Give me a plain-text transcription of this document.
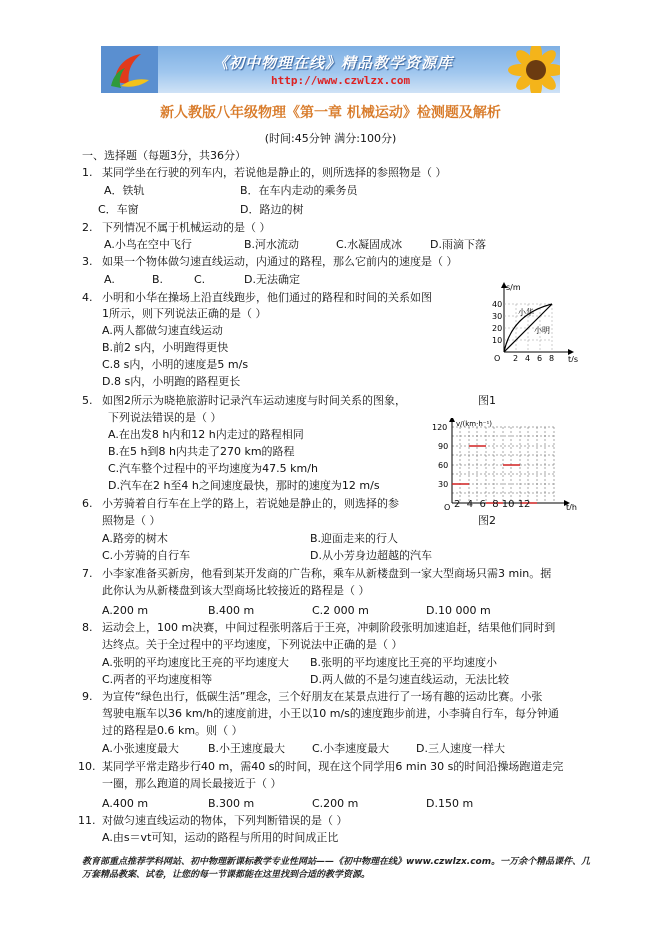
《初中物理在线》精品教学资源库
http://www.czwlzx.com
新人教版八年级物理《第一章 机械运动》检测题及解析
(时间:45分钟 满分:100分)
一、选择题（每题3分，共36分）
1. 某同学坐在行驶的列车内，若说他是静止的，则所选择的参照物是（ ）
A．铁轨	B．在车内走动的乘务员
C．车窗	D．路边的树
2. 下列情况不属于机械运动的是（ ）
A.小鸟在空中飞行	B.河水流动	C.水凝固成冰	D.雨滴下落
3. 如果一个物体做匀速直线运动，内通过的路程，那么它前内的速度是（ ）
A.	B.	C.	D.无法确定
4. 小明和小华在操场上沿直线跑步，他们通过的路程和时间的关系如图
1所示，则下列说法正确的是（ ）
A.两人都做匀速直线运动
B.前2 s内，小明跑得更快
C.8 s内，小明的速度是5 m/s
D.8 s内，小明跑的路程更长
s/m
t/s
O
10
20
30
40
2 4 6 8
小华
小明
5. 如图2所示为晓艳旅游时记录汽车运动速度与时间关系的图象，	图1
下列说法错误的是（ ）
A.在出发8 h内和12 h内走过的路程相同
B.在5 h到8 h内共走了270 km的路程
C.汽车整个过程中的平均速度为47.5 km/h
D.汽车在2 h至4 h之间速度最快，那时的速度为12 m/s
v/(km·h⁻¹)
t/h
O
30
60
90
120
2 4 6 8 10 12
图2
6. 小芳骑着自行车在上学的路上，若说她是静止的，则选择的参
照物是（ ）
A.路旁的树木	B.迎面走来的行人
C.小芳骑的自行车	D.从小芳身边超越的汽车
7. 小李家准备买新房，他看到某开发商的广告称，乘车从新楼盘到一家大型商场只需3 min。据
此你认为从新楼盘到该大型商场比较接近的路程是（ ）
A.200 m	B.400 m	C.2 000 m	D.10 000 m
8. 运动会上，100 m决赛，中间过程张明落后于王亮，冲刺阶段张明加速追赶，结果他们同时到
达终点。关于全过程中的平均速度，下列说法中正确的是（ ）
A.张明的平均速度比王亮的平均速度大 B.张明的平均速度比王亮的平均速度小
C.两者的平均速度相等	D.两人做的不是匀速直线运动，无法比较
9. 为宣传“绿色出行，低碳生活”理念，三个好朋友在某景点进行了一场有趣的运动比赛。小张
驾驶电瓶车以36 km/h的速度前进，小王以10 m/s的速度跑步前进，小李骑自行车，每分钟通
过的路程是0.6 km。则（ ）
A.小张速度最大	B.小王速度最大 C.小李速度最大 D.三人速度一样大
10. 某同学平常走路步行40 m，需40 s的时间，现在这个同学用6 min 30 s的时间沿操场跑道走完
一圈，那么跑道的周长最接近于（ ）
A.400 m	B.300 m	C.200 m	D.150 m
11. 对做匀速直线运动的物体，下列判断错误的是（ ）
A.由s＝vt可知，运动的路程与所用的时间成正比
教育部重点推荐学科网站、初中物理新课标教学专业性网站——《初中物理在线》www.czwlzx.com。一万余个精品课件、几万套精品教案、试卷，让您的每一节课都能在这里找到合适的教学资源。
